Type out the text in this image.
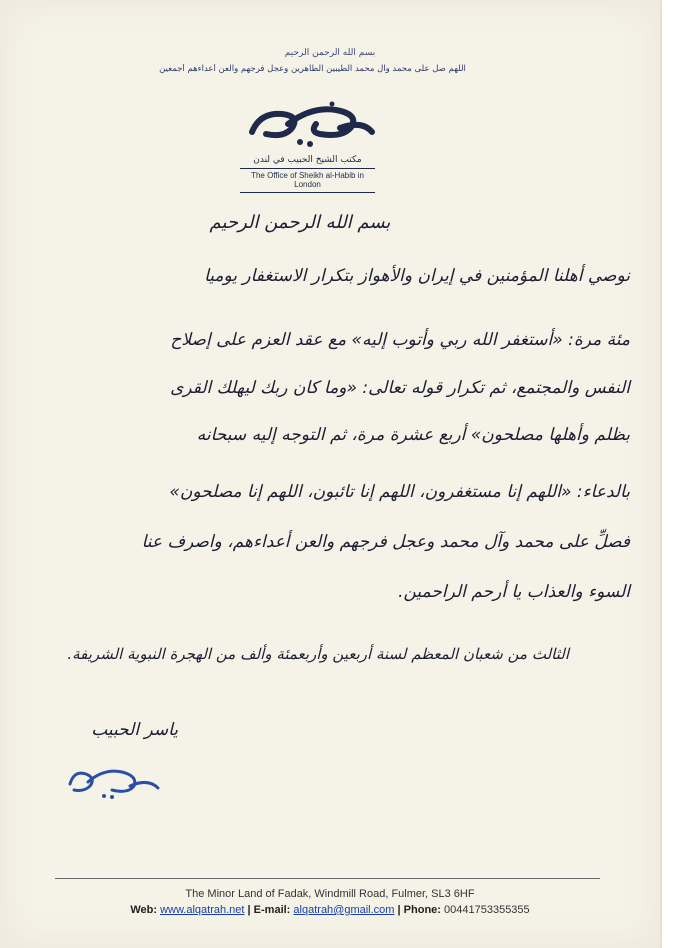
بسم الله الرحمن الرحيم
اللهم صل على محمد وآل محمد الطيبين الطاهرين وعجل فرجهم والعن أعداءهم أجمعين
الحبيب
مكتب الشيخ الحبيب في لندن
The Office of Sheikh al-Habib in London
بسم الله الرحمن الرحيم
نوصي أهلنا المؤمنين في إيران والأهواز بتكرار الاستغفار يوميا
مئة مرة: «أستغفر الله ربي وأتوب إليه» مع عقد العزم على إصلاح
النفس والمجتمع، ثم تكرار قوله تعالى: «وما كان ربك ليهلك القرى
بظلم وأهلها مصلحون» أربع عشرة مرة، ثم التوجه إليه سبحانه
بالدعاء: «اللهم إنا مستغفرون، اللهم إنا تائبون، اللهم إنا مصلحون»
فصلِّ على محمد وآل محمد وعجل فرجهم والعن أعداءهم، واصرف عنا
السوء والعذاب يا أرحم الراحمين.
الثالث من شعبان المعظم لسنة أربعين وأربعمئة وألف من الهجرة النبوية الشريفة.
ياسر الحبيب
الحبيب
The Minor Land of Fadak, Windmill Road, Fulmer, SL3 6HF
Web: www.alqatrah.net | E-mail: alqatrah@gmail.com | Phone: 00441753355355
